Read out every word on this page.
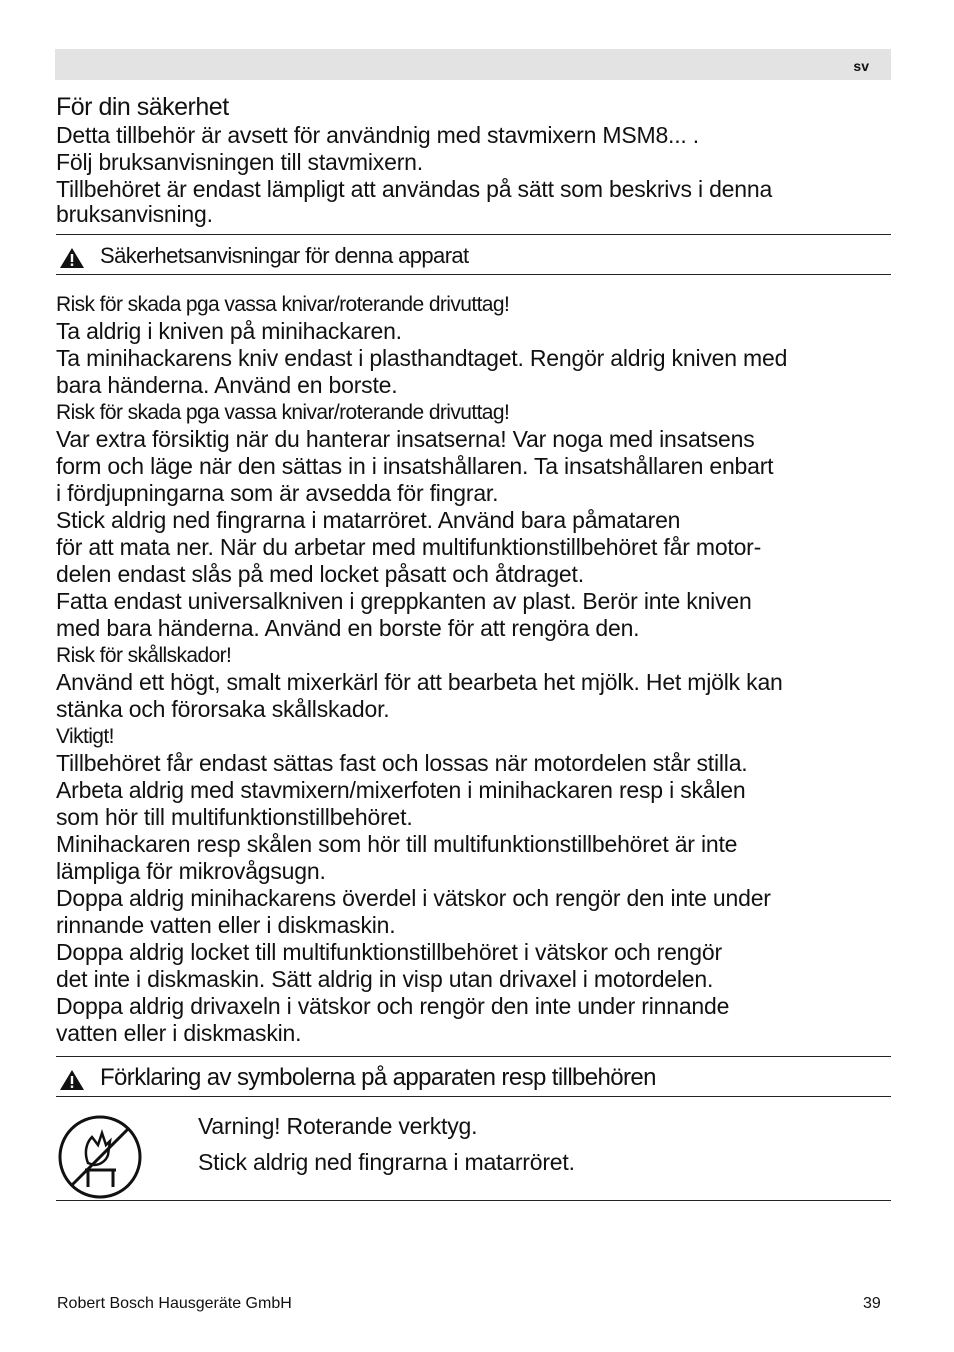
sv
För din säkerhet
Detta tillbehör är avsett för användnig med stavmixern MSM8... .
Följ bruksanvisningen till stavmixern.
Tillbehöret är endast lämpligt att användas på sätt som beskrivs i denna
bruksanvisning.
Säkerhetsanvisningar för denna apparat
Risk för skada pga vassa knivar/roterande drivuttag!
Ta aldrig i kniven på minihackaren.
Ta minihackarens kniv endast i plasthandtaget. Rengör aldrig kniven med
bara händerna. Använd en borste.
Risk för skada pga vassa knivar/roterande drivuttag!
Var extra försiktig när du hanterar insatserna! Var noga med insatsens
form och läge när den sättas in i insatshållaren. Ta insatshållaren enbart
i fördjupningarna som är avsedda för fingrar.
Stick aldrig ned fingrarna i matarröret. Använd bara påmataren
för att mata ner. När du arbetar med multifunktionstillbehöret får motor-
delen endast slås på med locket påsatt och åtdraget.
Fatta endast universalkniven i greppkanten av plast. Berör inte kniven
med bara händerna. Använd en borste för att rengöra den.
Risk för skållskador!
Använd ett högt, smalt mixerkärl för att bearbeta het mjölk. Het mjölk kan
stänka och förorsaka skållskador.
Viktigt!
Tillbehöret får endast sättas fast och lossas när motordelen står stilla.
Arbeta aldrig med stavmixern/mixerfoten i minihackaren resp i skålen
som hör till multifunktionstillbehöret.
Minihackaren resp skålen som hör till multifunktionstillbehöret är inte
lämpliga för mikrovågsugn.
Doppa aldrig minihackarens överdel i vätskor och rengör den inte under
rinnande vatten eller i diskmaskin.
Doppa aldrig locket till multifunktionstillbehöret i vätskor och rengör
det inte i diskmaskin. Sätt aldrig in visp utan drivaxel i motordelen.
Doppa aldrig drivaxeln i vätskor och rengör den inte under rinnande
vatten eller i diskmaskin.
Förklaring av symbolerna på apparaten resp tillbehören
Varning! Roterande verktyg.
Stick aldrig ned fingrarna i matarröret.
Robert Bosch Hausgeräte GmbH	39
